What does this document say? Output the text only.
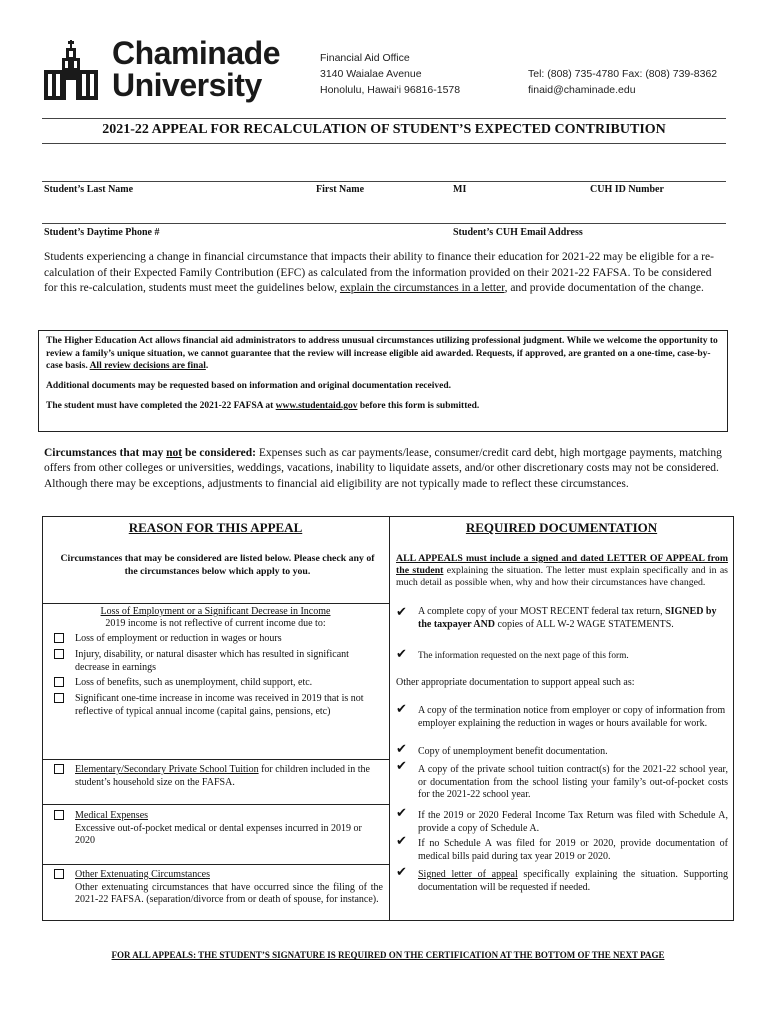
Chaminade
University
Financial Aid Office
3140 Waialae Avenue
Honolulu, Hawai‘i 96816-1578
Tel: (808) 735-4780 Fax: (808) 739-8362
finaid@chaminade.edu
2021-22 APPEAL FOR RECALCULATION OF STUDENT’S EXPECTED CONTRIBUTION
Student’s Last Name	First Name	MI	CUH ID Number
Student’s Daytime Phone #	Student’s CUH Email Address
Students experiencing a change in financial circumstance that impacts their ability to finance their education for 2021-22 may be eligible for a re-calculation of their Expected Family Contribution (EFC) as calculated from the information provided on their 2021-22 FAFSA. To be considered for this re-calculation, students must meet the guidelines below, explain the circumstances in a letter, and provide documentation of the change.

The Higher Education Act allows financial aid administrators to address unusual circumstances utilizing professional judgment. While we welcome the opportunity to review a family’s unique situation, we cannot guarantee that the review will increase eligible aid awarded. Requests, if approved, are granted on a one-time, case-by-case basis. All review decisions are final.

Additional documents may be requested based on information and original documentation received.

The student must have completed the 2021-22 FAFSA at www.studentaid.gov before this form is submitted.

Circumstances that may not be considered: Expenses such as car payments/lease, consumer/credit card debt, high mortgage payments, matching offers from other colleges or universities, weddings, vacations, inability to liquidate assets, and/or other discretionary costs may not be considered. Although there may be exceptions, adjustments to financial aid eligibility are not typically made to reflect these circumstances.
REASON FOR THIS APPEAL	REQUIRED DOCUMENTATION
Circumstances that may be considered are listed below. Please check any of the circumstances below which apply to you.
ALL APPEALS must include a signed and dated LETTER OF APPEAL from the student explaining the situation. The letter must explain specifically and in as much detail as possible when, why and how their circumstances have changed.
Loss of Employment or a Significant Decrease in Income
2019 income is not reflective of current income due to:
Loss of employment or reduction in wages or hours
Injury, disability, or natural disaster which has resulted in significant decrease in earnings
Loss of benefits, such as unemployment, child support, etc.
Significant one-time increase in income was received in 2019 that is not reflective of typical annual income (capital gains, pensions, etc)
✔ A complete copy of your MOST RECENT federal tax return, SIGNED by the taxpayer AND copies of ALL W-2 WAGE STATEMENTS.
✔ The information requested on the next page of this form.
Other appropriate documentation to support appeal such as:
✔ A copy of the termination notice from employer or copy of information from employer explaining the reduction in wages or hours available for work.
✔ Copy of unemployment benefit documentation.
Elementary/Secondary Private School Tuition for children included in the student’s household size on the FAFSA.
✔ A copy of the private school tuition contract(s) for the 2021-22 school year, or documentation from the school listing your family’s out-of-pocket costs for the 2021-22 school year.
Medical Expenses
Excessive out-of-pocket medical or dental expenses incurred in 2019 or 2020
✔ If the 2019 or 2020 Federal Income Tax Return was filed with Schedule A, provide a copy of Schedule A.
✔ If no Schedule A was filed for 2019 or 2020, provide documentation of medical bills paid during tax year 2019 or 2020.
Other Extenuating Circumstances
Other extenuating circumstances that have occurred since the filing of the 2021-22 FAFSA. (separation/divorce from or death of spouse, for instance).
✔ Signed letter of appeal specifically explaining the situation. Supporting documentation will be requested if needed.
FOR ALL APPEALS: THE STUDENT’S SIGNATURE IS REQUIRED ON THE CERTIFICATION AT THE BOTTOM OF THE NEXT PAGE
